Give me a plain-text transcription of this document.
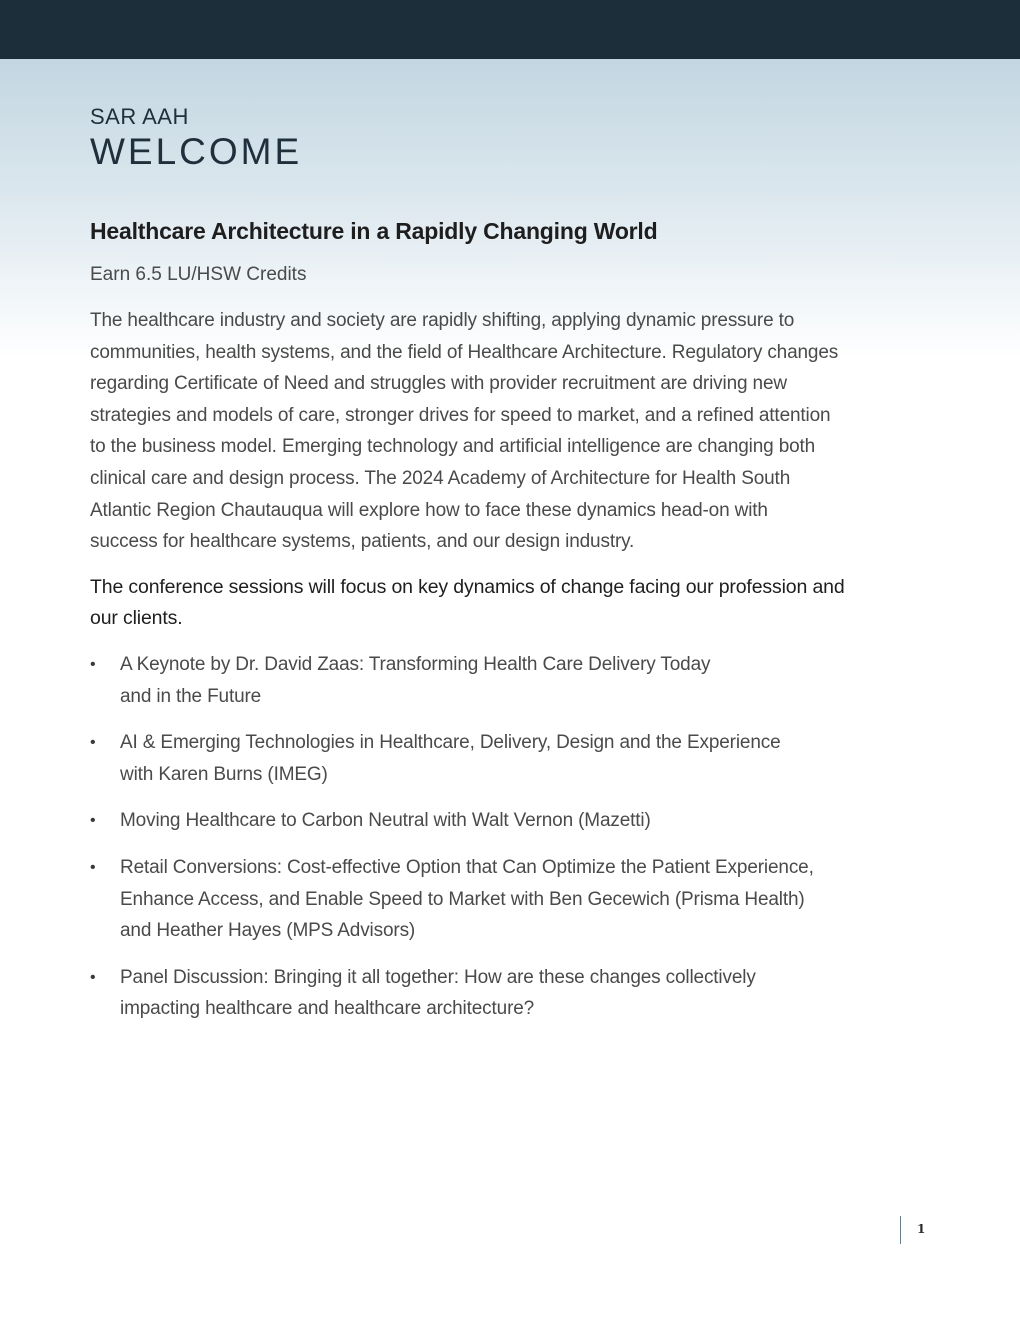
SAR AAH
WELCOME
Healthcare Architecture in a Rapidly Changing World

Earn 6.5 LU/HSW Credits

The healthcare industry and society are rapidly shifting, applying dynamic pressure to
communities, health systems, and the field of Healthcare Architecture. Regulatory changes
regarding Certificate of Need and struggles with provider recruitment are driving new
strategies and models of care, stronger drives for speed to market, and a refined attention
to the business model. Emerging technology and artificial intelligence are changing both
clinical care and design process. The 2024 Academy of Architecture for Health South
Atlantic Region Chautauqua will explore how to face these dynamics head-on with
success for healthcare systems, patients, and our design industry.

The conference sessions will focus on key dynamics of change facing our profession and
our clients.

• A Keynote by Dr. David Zaas: Transforming Health Care Delivery Today
and in the Future
• AI & Emerging Technologies in Healthcare, Delivery, Design and the Experience
with Karen Burns (IMEG)
• Moving Healthcare to Carbon Neutral with Walt Vernon (Mazetti)
• Retail Conversions: Cost-effective Option that Can Optimize the Patient Experience,
Enhance Access, and Enable Speed to Market with Ben Gecewich (Prisma Health)
and Heather Hayes (MPS Advisors)
• Panel Discussion: Bringing it all together: How are these changes collectively
impacting healthcare and healthcare architecture?
1
